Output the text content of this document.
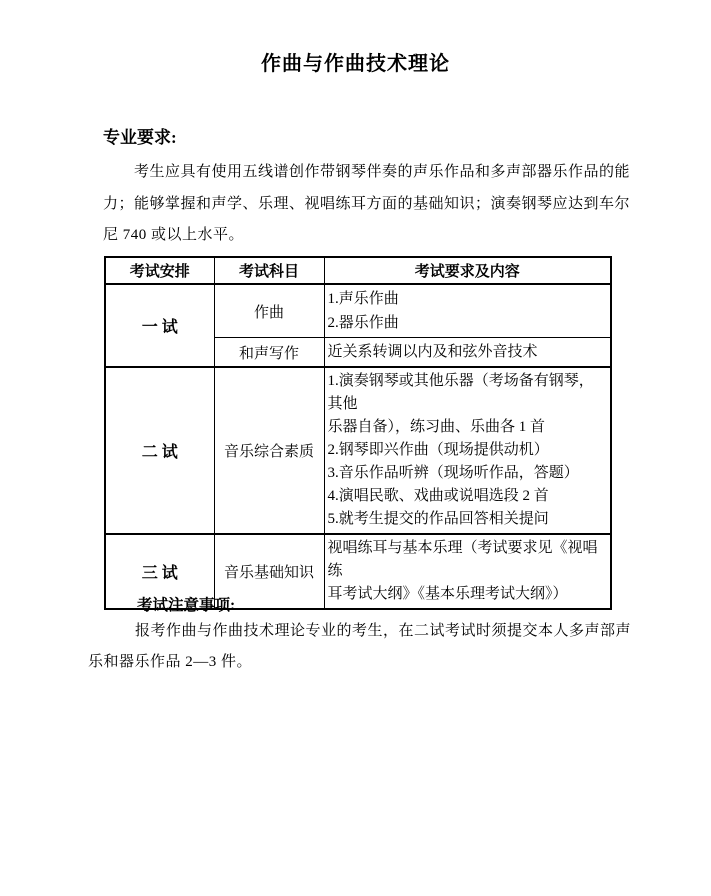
作曲与作曲技术理论
专业要求:
考生应具有使用五线谱创作带钢琴伴奏的声乐作品和多声部器乐作品的能
力；能够掌握和声学、乐理、视唱练耳方面的基础知识；演奏钢琴应达到车尔
尼 740 或以上水平。
考试安排	考试科目	考试要求及内容
一 试	作曲	1.声乐作曲
2.器乐作曲

	和声写作	近关系转调以内及和弦外音技术

二 试	音乐综合素质	
1.演奏钢琴或其他乐器（考场备有钢琴，其他
乐器自备），练习曲、乐曲各 1 首
2.钢琴即兴作曲（现场提供动机）
3.音乐作品听辨（现场听作品，答题）
4.演唱民歌、戏曲或说唱选段 2 首
5.就考生提交的作品回答相关提问

三 试	音乐基础知识	视唱练耳与基本乐理（考试要求见《视唱练
耳考试大纲》《基本乐理考试大纲》）
考试注意事项:
报考作曲与作曲技术理论专业的考生，在二试考试时须提交本人多声部声
乐和器乐作品 2—3 件。
